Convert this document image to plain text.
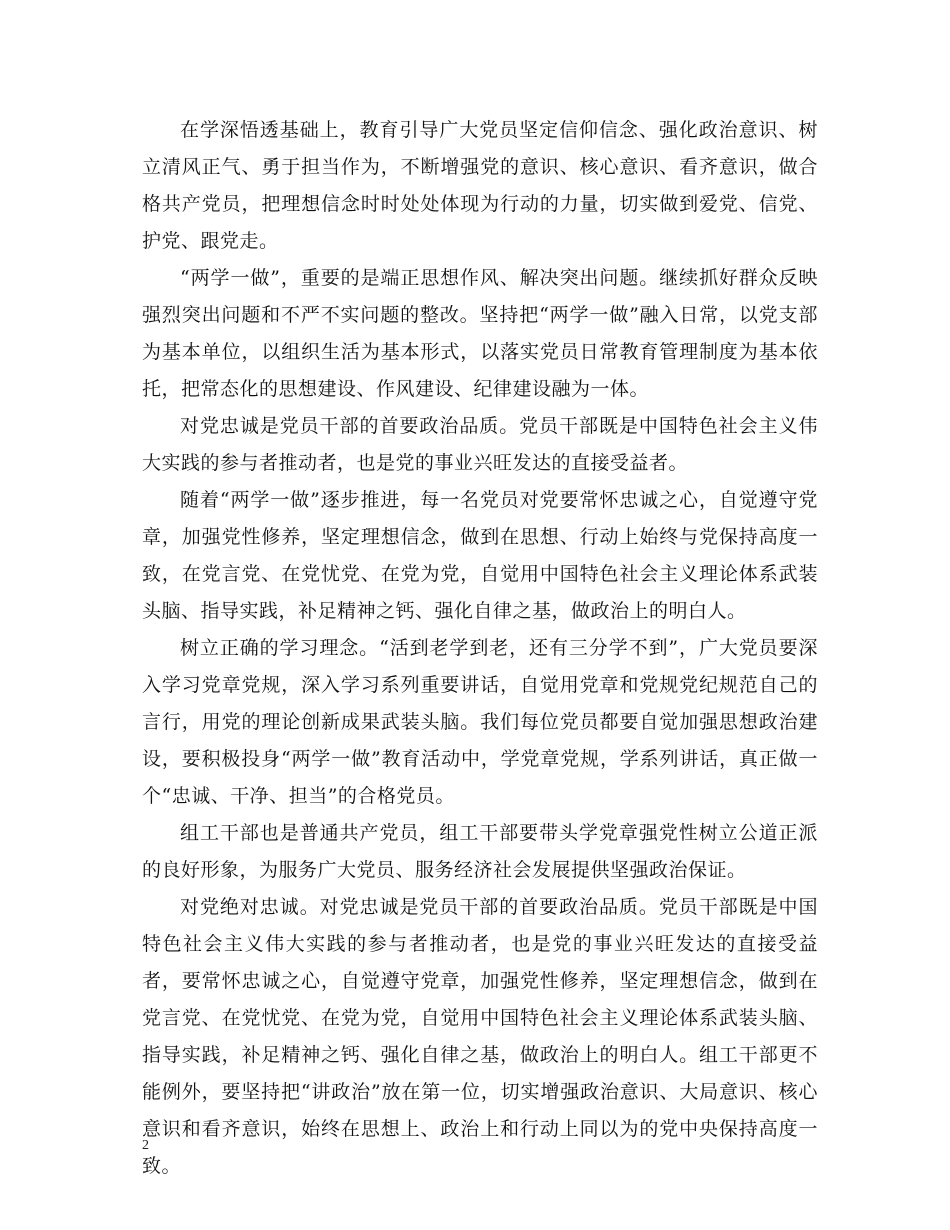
在学深悟透基础上，教育引导广大党员坚定信仰信念、强化政治意识、树立清风正气、勇于担当作为，不断增强党的意识、核心意识、看齐意识，做合格共产党员，把理想信念时时处处体现为行动的力量，切实做到爱党、信党、护党、跟党走。

“两学一做”，重要的是端正思想作风、解决突出问题。继续抓好群众反映强烈突出问题和不严不实问题的整改。坚持把“两学一做”融入日常，以党支部为基本单位，以组织生活为基本形式，以落实党员日常教育管理制度为基本依托，把常态化的思想建设、作风建设、纪律建设融为一体。

对党忠诚是党员干部的首要政治品质。党员干部既是中国特色社会主义伟大实践的参与者推动者，也是党的事业兴旺发达的直接受益者。

随着“两学一做”逐步推进，每一名党员对党要常怀忠诚之心，自觉遵守党章，加强党性修养，坚定理想信念，做到在思想、行动上始终与党保持高度一致，在党言党、在党忧党、在党为党，自觉用中国特色社会主义理论体系武装头脑、指导实践，补足精神之钙、强化自律之基，做政治上的明白人。

树立正确的学习理念。“活到老学到老，还有三分学不到”，广大党员要深入学习党章党规，深入学习系列重要讲话，自觉用党章和党规党纪规范自己的言行，用党的理论创新成果武装头脑。我们每位党员都要自觉加强思想政治建设，要积极投身“两学一做”教育活动中，学党章党规，学系列讲话，真正做一个“忠诚、干净、担当”的合格党员。

组工干部也是普通共产党员，组工干部要带头学党章强党性树立公道正派的良好形象，为服务广大党员、服务经济社会发展提供坚强政治保证。

对党绝对忠诚。对党忠诚是党员干部的首要政治品质。党员干部既是中国特色社会主义伟大实践的参与者推动者，也是党的事业兴旺发达的直接受益者，要常怀忠诚之心，自觉遵守党章，加强党性修养，坚定理想信念，做到在党言党、在党忧党、在党为党，自觉用中国特色社会主义理论体系武装头脑、指导实践，补足精神之钙、强化自律之基，做政治上的明白人。组工干部更不能例外，要坚持把“讲政治”放在第一位，切实增强政治意识、大局意识、核心意识和看齐意识，始终在思想上、政治上和行动上同以为的党中央保持高度一致。

2
